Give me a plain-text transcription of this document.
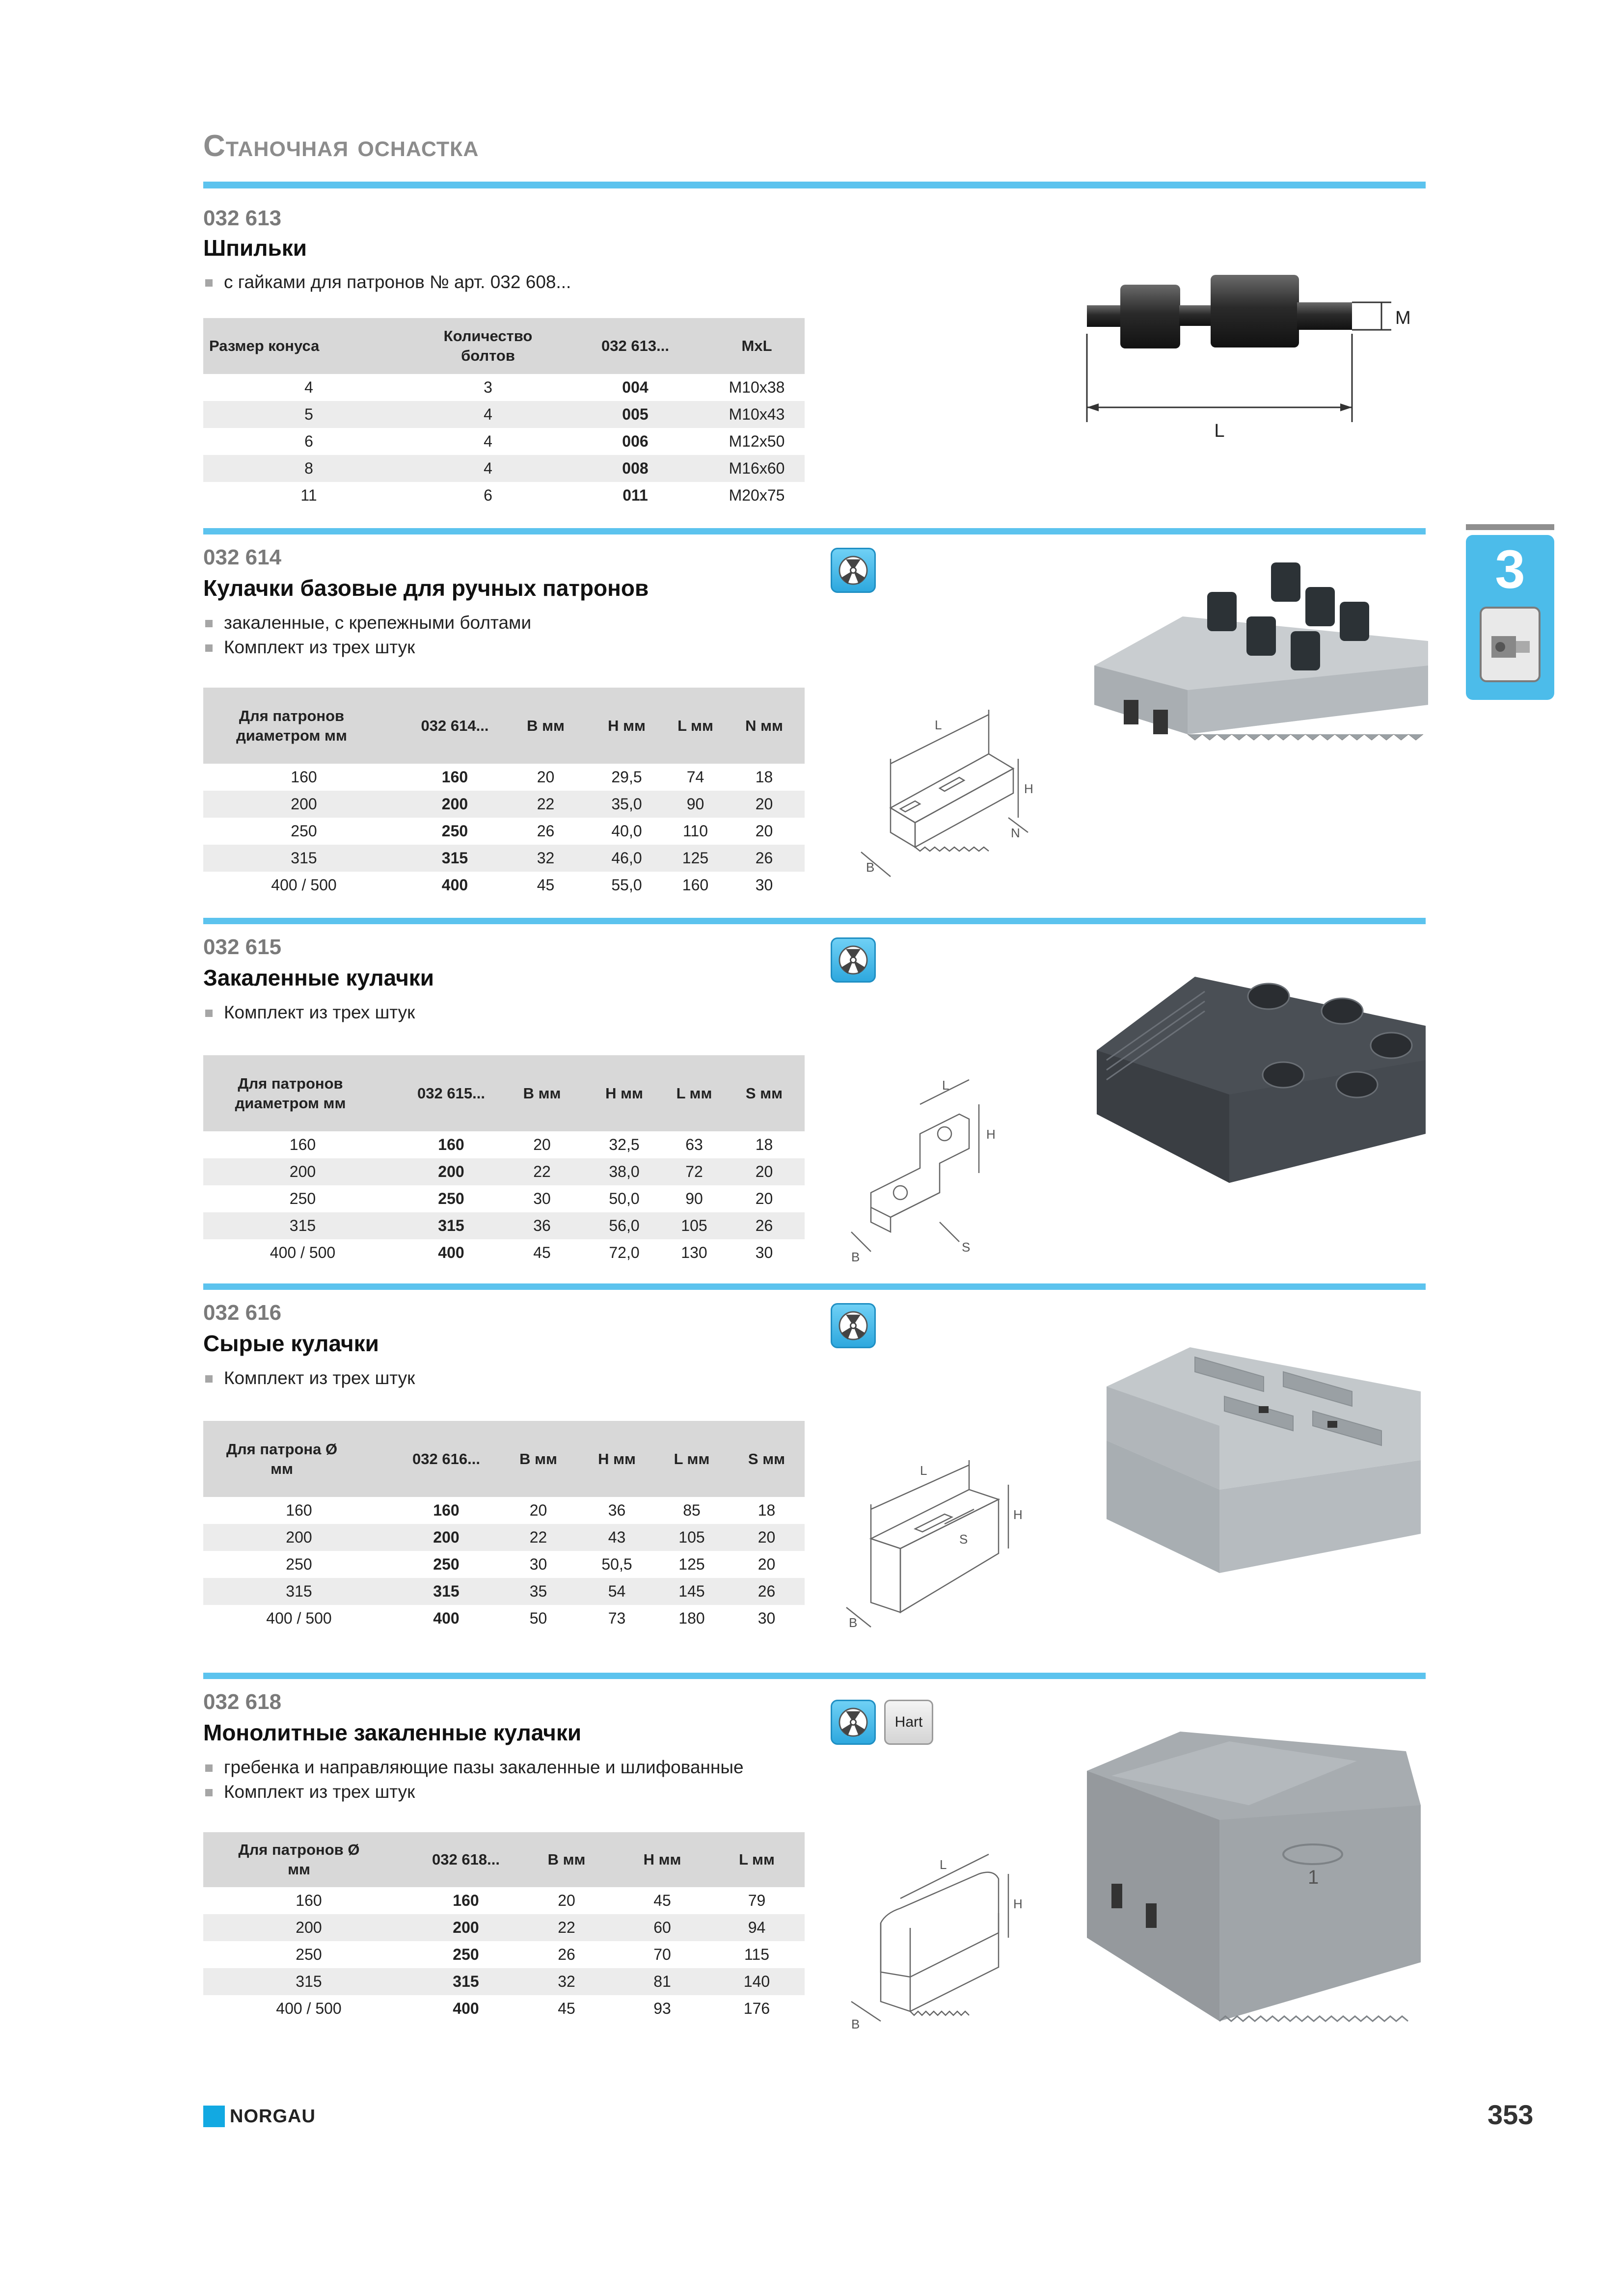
Станочная оснастка
3
032 613
Шпильки
с гайками для патронов № арт. 032 608...
Размер конуса	Количество болтов	032 613...	MxL
4	3	004	M10x38
5	4	005	M10x43
6	4	006	M12x50
8	4	008	M16x60
11	6	011	M20x75
L
M
032 614
Кулачки базовые для ручных патронов
закаленные, с крепежными болтами
Комплект из трех штук
Для патронов диаметром мм	032 614...	B мм	H мм	L мм	N мм
160	160	20	29,5	74	18
200	200	22	35,0	90	20
250	250	26	40,0	110	20
315	315	32	46,0	125	26
400 / 500	400	45	55,0	160	30
L
H
B
N
032 615
Закаленные кулачки
Комплект из трех штук
Для патронов диаметром мм	032 615...	B мм	H мм	L мм	S мм
160	160	20	32,5	63	18
200	200	22	38,0	72	20
250	250	30	50,0	90	20
315	315	36	56,0	105	26
400 / 500	400	45	72,0	130	30
L
H
B
S
032 616
Сырые кулачки
Комплект из трех штук
Для патрона Ø мм	032 616...	B мм	H мм	L мм	S мм
160	160	20	36	85	18
200	200	22	43	105	20
250	250	30	50,5	125	20
315	315	35	54	145	26
400 / 500	400	50	73	180	30
L
H
S
B
032 618
Монолитные закаленные кулачки
гребенка и направляющие пазы закаленные и шлифованные
Комплект из трех штук
Для патронов Ø мм	032 618...	B мм	H мм	L мм
160	160	20	45	79
200	200	22	60	94
250	250	26	70	115
315	315	32	81	140
400 / 500	400	45	93	176
Hart
L
H
B
1
NORGAU	353
